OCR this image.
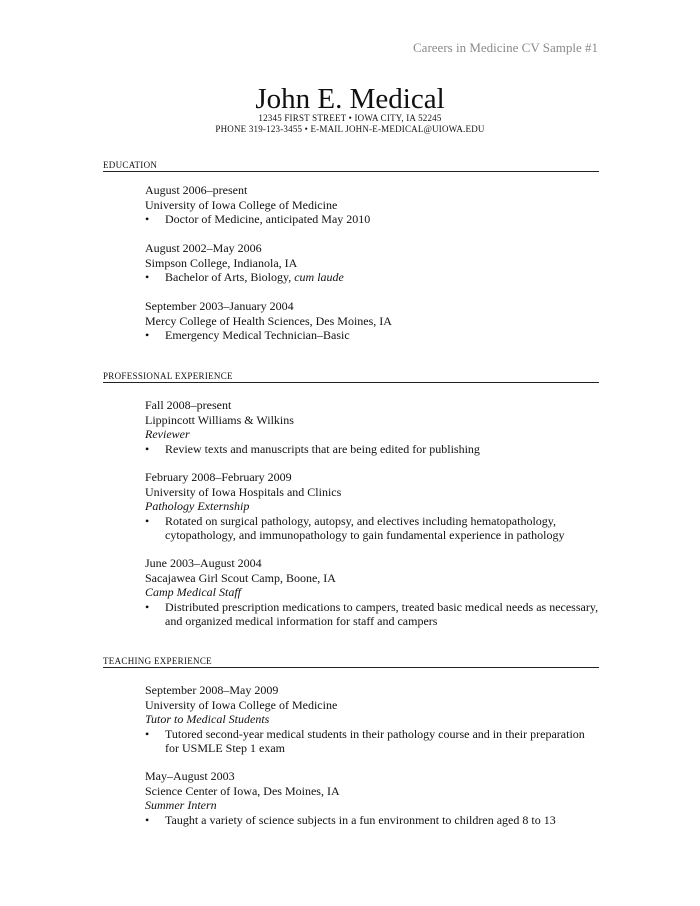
Careers in Medicine CV Sample #1
John E. Medical
12345 FIRST STREET • IOWA CITY, IA 52245
PHONE 319-123-3455 • E-MAIL JOHN-E-MEDICAL@UIOWA.EDU
EDUCATION
August 2006–present
University of Iowa College of Medicine
• Doctor of Medicine, anticipated May 2010
August 2002–May 2006
Simpson College, Indianola, IA
• Bachelor of Arts, Biology, cum laude
September 2003–January 2004
Mercy College of Health Sciences, Des Moines, IA
• Emergency Medical Technician–Basic
PROFESSIONAL EXPERIENCE
Fall 2008–present
Lippincott Williams & Wilkins
Reviewer
• Review texts and manuscripts that are being edited for publishing
February 2008–February 2009
University of Iowa Hospitals and Clinics
Pathology Externship
• Rotated on surgical pathology, autopsy, and electives including hematopathology, cytopathology, and immunopathology to gain fundamental experience in pathology
June 2003–August 2004
Sacajawea Girl Scout Camp, Boone, IA
Camp Medical Staff
• Distributed prescription medications to campers, treated basic medical needs as necessary, and organized medical information for staff and campers
TEACHING EXPERIENCE
September 2008–May 2009
University of Iowa College of Medicine
Tutor to Medical Students
• Tutored second-year medical students in their pathology course and in their preparation for USMLE Step 1 exam
May–August 2003
Science Center of Iowa, Des Moines, IA
Summer Intern
• Taught a variety of science subjects in a fun environment to children aged 8 to 13
